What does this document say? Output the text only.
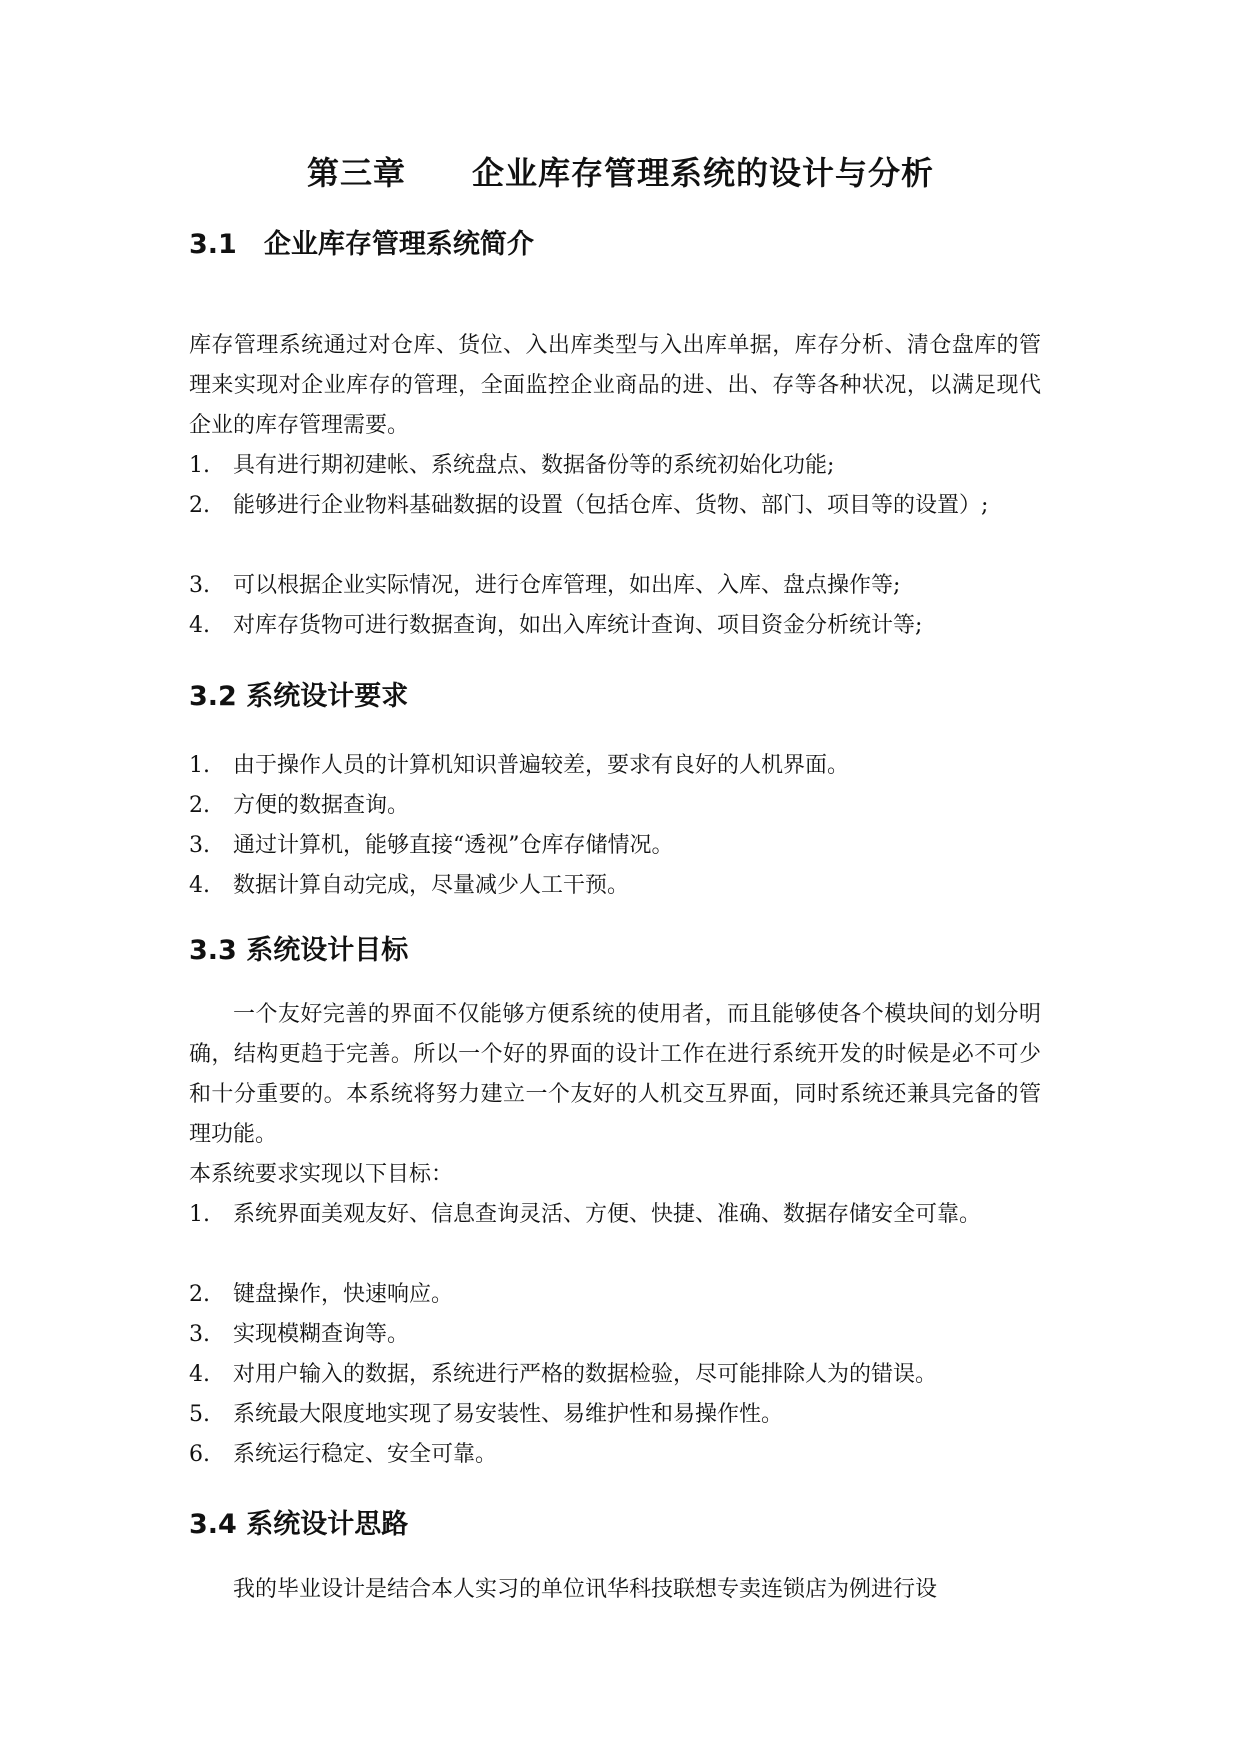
第三章　　企业库存管理系统的设计与分析
3.1　企业库存管理系统简介

库存管理系统通过对仓库、货位、入出库类型与入出库单据，库存分析、清仓盘库的管理来实现对企业库存的管理，全面监控企业商品的进、出、存等各种状况，以满足现代企业的库存管理需要。

1.	具有进行期初建帐、系统盘点、数据备份等的系统初始化功能;
2.	能够进行企业物料基础数据的设置（包括仓库、货物、部门、项目等的设置）;
3.	可以根据企业实际情况，进行仓库管理，如出库、入库、盘点操作等;
4.	对库存货物可进行数据查询，如出入库统计查询、项目资金分析统计等;
3.2 系统设计要求
1.	由于操作人员的计算机知识普遍较差，要求有良好的人机界面。
2.	方便的数据查询。
3.	通过计算机，能够直接“透视”仓库存储情况。
4.	数据计算自动完成，尽量减少人工干预。
3.3 系统设计目标

一个友好完善的界面不仅能够方便系统的使用者，而且能够使各个模块间的划分明确，结构更趋于完善。所以一个好的界面的设计工作在进行系统开发的时候是必不可少和十分重要的。本系统将努力建立一个友好的人机交互界面，同时系统还兼具完备的管理功能。

本系统要求实现以下目标：
1.	系统界面美观友好、信息查询灵活、方便、快捷、准确、数据存储安全可靠。
2.	键盘操作，快速响应。
3.	实现模糊查询等。
4.	对用户输入的数据，系统进行严格的数据检验，尽可能排除人为的错误。
5.	系统最大限度地实现了易安装性、易维护性和易操作性。
6.	系统运行稳定、安全可靠。
3.4 系统设计思路

我的毕业设计是结合本人实习的单位讯华科技联想专卖连锁店为例进行设
